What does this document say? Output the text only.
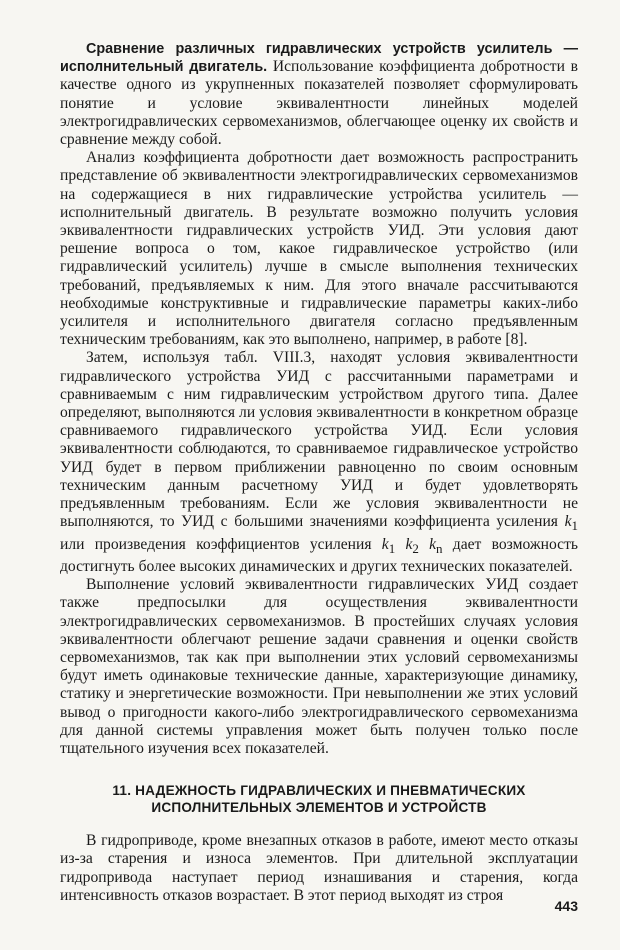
Сравнение различных гидравлических устройств усилитель — исполнительный двигатель. Использование коэффициента добротности в качестве одного из укрупненных показателей позволяет сформулировать понятие и условие эквивалентности линейных моделей электрогидравлических сервомеханизмов, облегчающее оценку их свойств и сравнение между собой.

Анализ коэффициента добротности дает возможность распространить представление об эквивалентности электрогидравлических сервомеханизмов на содержащиеся в них гидравлические устройства усилитель — исполнительный двигатель. В результате возможно получить условия эквивалентности гидравлических устройств УИД. Эти условия дают решение вопроса о том, какое гидравлическое устройство (или гидравлический усилитель) лучше в смысле выполнения технических требований, предъявляемых к ним. Для этого вначале рассчитываются необходимые конструктивные и гидравлические параметры каких-либо усилителя и исполнительного двигателя согласно предъявленным техническим требованиям, как это выполнено, например, в работе [8].

Затем, используя табл. VIII.3, находят условия эквивалентности гидравлического устройства УИД с рассчитанными параметрами и сравниваемым с ним гидравлическим устройством другого типа. Далее определяют, выполняются ли условия эквивалентности в конкретном образце сравниваемого гидравлического устройства УИД. Если условия эквивалентности соблюдаются, то сравниваемое гидравлическое устройство УИД будет в первом приближении равноценно по своим основным техническим данным расчетному УИД и будет удовлетворять предъявленным требованиям. Если же условия эквивалентности не выполняются, то УИД с большими значениями коэффициента усиления $k_1$ или произведения коэффициентов усиления $k_1$ $k_2$ $k_n$ дает возможность достигнуть более высоких динамических и других технических показателей.

Выполнение условий эквивалентности гидравлических УИД создает также предпосылки для осуществления эквивалентности электрогидравлических сервомеханизмов. В простейших случаях условия эквивалентности облегчают решение задачи сравнения и оценки свойств сервомеханизмов, так как при выполнении этих условий сервомеханизмы будут иметь одинаковые технические данные, характеризующие динамику, статику и энергетические возможности. При невыполнении же этих условий вывод о пригодности какого-либо электрогидравлического сервомеханизма для данной системы управления может быть получен только после тщательного изучения всех показателей.

11. НАДЕЖНОСТЬ ГИДРАВЛИЧЕСКИХ И ПНЕВМАТИЧЕСКИХ
ИСПОЛНИТЕЛЬНЫХ ЭЛЕМЕНТОВ И УСТРОЙСТВ

В гидроприводе, кроме внезапных отказов в работе, имеют место отказы из-за старения и износа элементов. При длительной эксплуатации гидропривода наступает период изнашивания и старения, когда интенсивность отказов возрастает. В этот период выходят из строя

443
